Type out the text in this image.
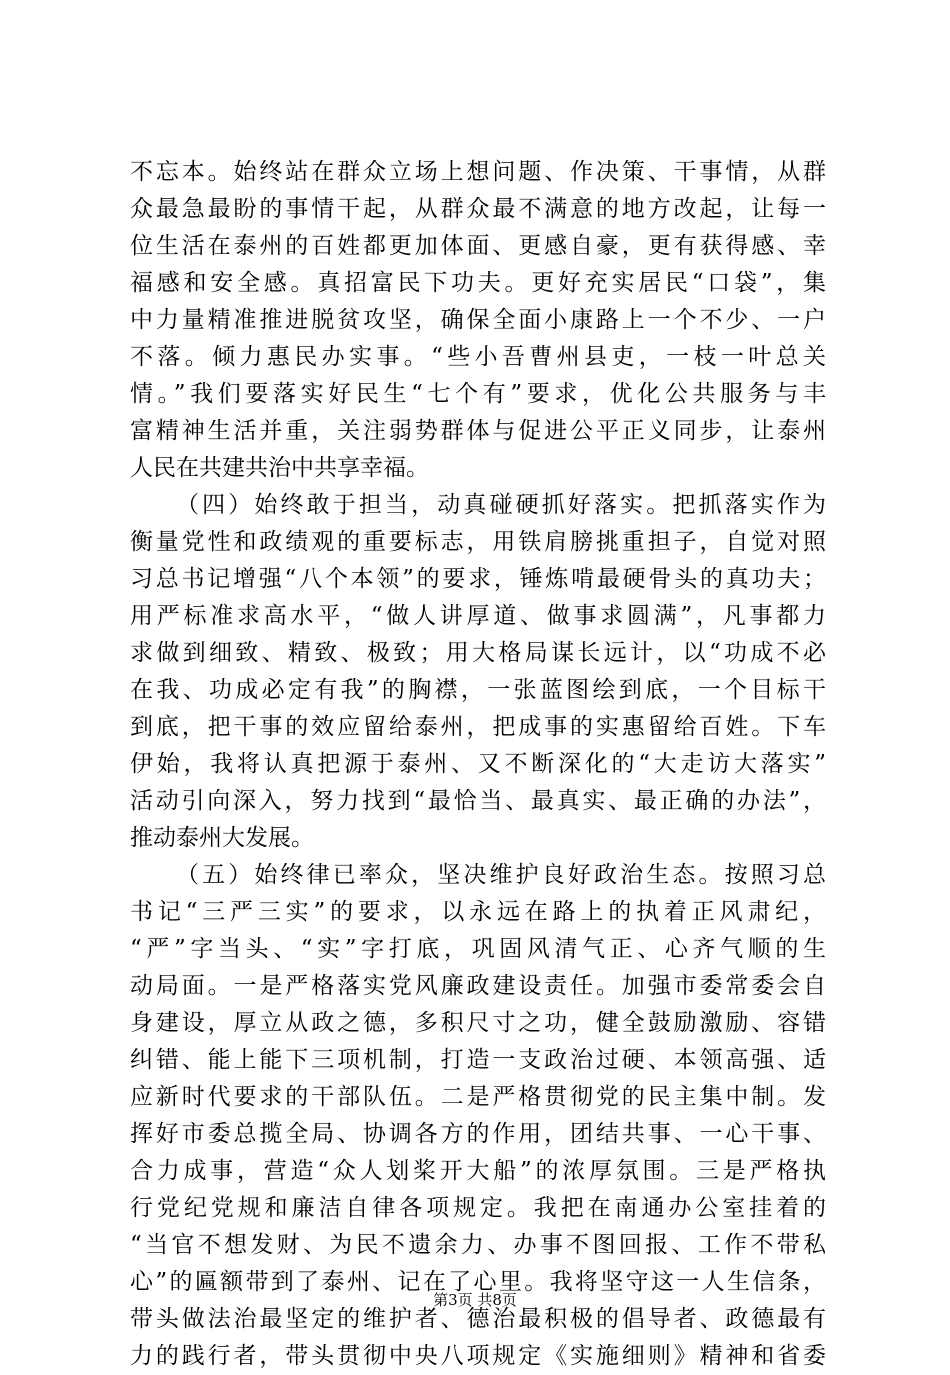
不忘本。始终站在群众立场上想问题、作决策、干事情，从群
众最急最盼的事情干起，从群众最不满意的地方改起，让每一
位生活在泰州的百姓都更加体面、更感自豪，更有获得感、幸
福感和安全感。真招富民下功夫。更好充实居民“口袋”，集
中力量精准推进脱贫攻坚，确保全面小康路上一个不少、一户
不落。倾力惠民办实事。“些小吾曹州县吏，一枝一叶总关
情。”我们要落实好民生“七个有”要求，优化公共服务与丰
富精神生活并重，关注弱势群体与促进公平正义同步，让泰州
人民在共建共治中共享幸福。
（四）始终敢于担当，动真碰硬抓好落实。把抓落实作为
衡量党性和政绩观的重要标志，用铁肩膀挑重担子，自觉对照
习总书记增强“八个本领”的要求，锤炼啃最硬骨头的真功夫；
用严标准求高水平，“做人讲厚道、做事求圆满”，凡事都力
求做到细致、精致、极致；用大格局谋长远计，以“功成不必
在我、功成必定有我”的胸襟，一张蓝图绘到底，一个目标干
到底，把干事的效应留给泰州，把成事的实惠留给百姓。下车
伊始，我将认真把源于泰州、又不断深化的“大走访大落实”
活动引向深入，努力找到“最恰当、最真实、最正确的办法”，
推动泰州大发展。
（五）始终律已率众，坚决维护良好政治生态。按照习总
书记“三严三实”的要求，以永远在路上的执着正风肃纪，
“严”字当头、“实”字打底，巩固风清气正、心齐气顺的生
动局面。一是严格落实党风廉政建设责任。加强市委常委会自
身建设，厚立从政之德，多积尺寸之功，健全鼓励激励、容错
纠错、能上能下三项机制，打造一支政治过硬、本领高强、适
应新时代要求的干部队伍。二是严格贯彻党的民主集中制。发
挥好市委总揽全局、协调各方的作用，团结共事、一心干事、
合力成事，营造“众人划桨开大船”的浓厚氛围。三是严格执
行党纪党规和廉洁自律各项规定。我把在南通办公室挂着的
“当官不想发财、为民不遗余力、办事不图回报、工作不带私
心”的匾额带到了泰州、记在了心里。我将坚守这一人生信条，
带头做法治最坚定的维护者、德治最积极的倡导者、政德最有
力的践行者，带头贯彻中央八项规定《实施细则》精神和省委
第3页 共8页
